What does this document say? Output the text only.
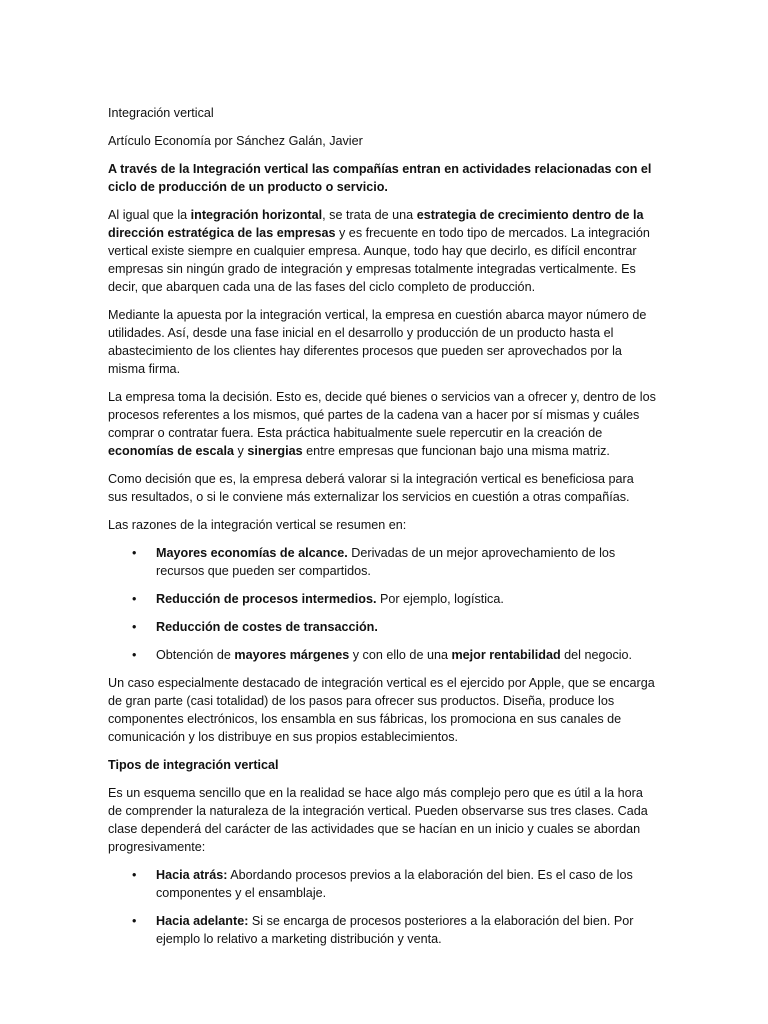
Integración vertical

Artículo Economía por Sánchez Galán, Javier

A través de la Integración vertical las compañías entran en actividades relacionadas con el ciclo de producción de un producto o servicio.

Al igual que la integración horizontal, se trata de una estrategia de crecimiento dentro de la dirección estratégica de las empresas y es frecuente en todo tipo de mercados. La integración vertical existe siempre en cualquier empresa. Aunque, todo hay que decirlo, es difícil encontrar empresas sin ningún grado de integración y empresas totalmente integradas verticalmente. Es decir, que abarquen cada una de las fases del ciclo completo de producción.

Mediante la apuesta por la integración vertical, la empresa en cuestión abarca mayor número de utilidades. Así, desde una fase inicial en el desarrollo y producción de un producto hasta el abastecimiento de los clientes hay diferentes procesos que pueden ser aprovechados por la misma firma.

La empresa toma la decisión. Esto es, decide qué bienes o servicios van a ofrecer y, dentro de los procesos referentes a los mismos, qué partes de la cadena van a hacer por sí mismas y cuáles comprar o contratar fuera. Esta práctica habitualmente suele repercutir en la creación de economías de escala y sinergias entre empresas que funcionan bajo una misma matriz.

Como decisión que es, la empresa deberá valorar si la integración vertical es beneficiosa para sus resultados, o si le conviene más externalizar los servicios en cuestión a otras compañías.

Las razones de la integración vertical se resumen en:

• Mayores economías de alcance. Derivadas de un mejor aprovechamiento de los recursos que pueden ser compartidos.
• Reducción de procesos intermedios. Por ejemplo, logística.
• Reducción de costes de transacción.
• Obtención de mayores márgenes y con ello de una mejor rentabilidad del negocio.

Un caso especialmente destacado de integración vertical es el ejercido por Apple, que se encarga de gran parte (casi totalidad) de los pasos para ofrecer sus productos. Diseña, produce los componentes electrónicos, los ensambla en sus fábricas, los promociona en sus canales de comunicación y los distribuye en sus propios establecimientos.

Tipos de integración vertical

Es un esquema sencillo que en la realidad se hace algo más complejo pero que es útil a la hora de comprender la naturaleza de la integración vertical. Pueden observarse sus tres clases. Cada clase dependerá del carácter de las actividades que se hacían en un inicio y cuales se abordan progresivamente:

• Hacia atrás: Abordando procesos previos a la elaboración del bien. Es el caso de los componentes y el ensamblaje.
• Hacia adelante: Si se encarga de procesos posteriores a la elaboración del bien. Por ejemplo lo relativo a marketing distribución y venta.
